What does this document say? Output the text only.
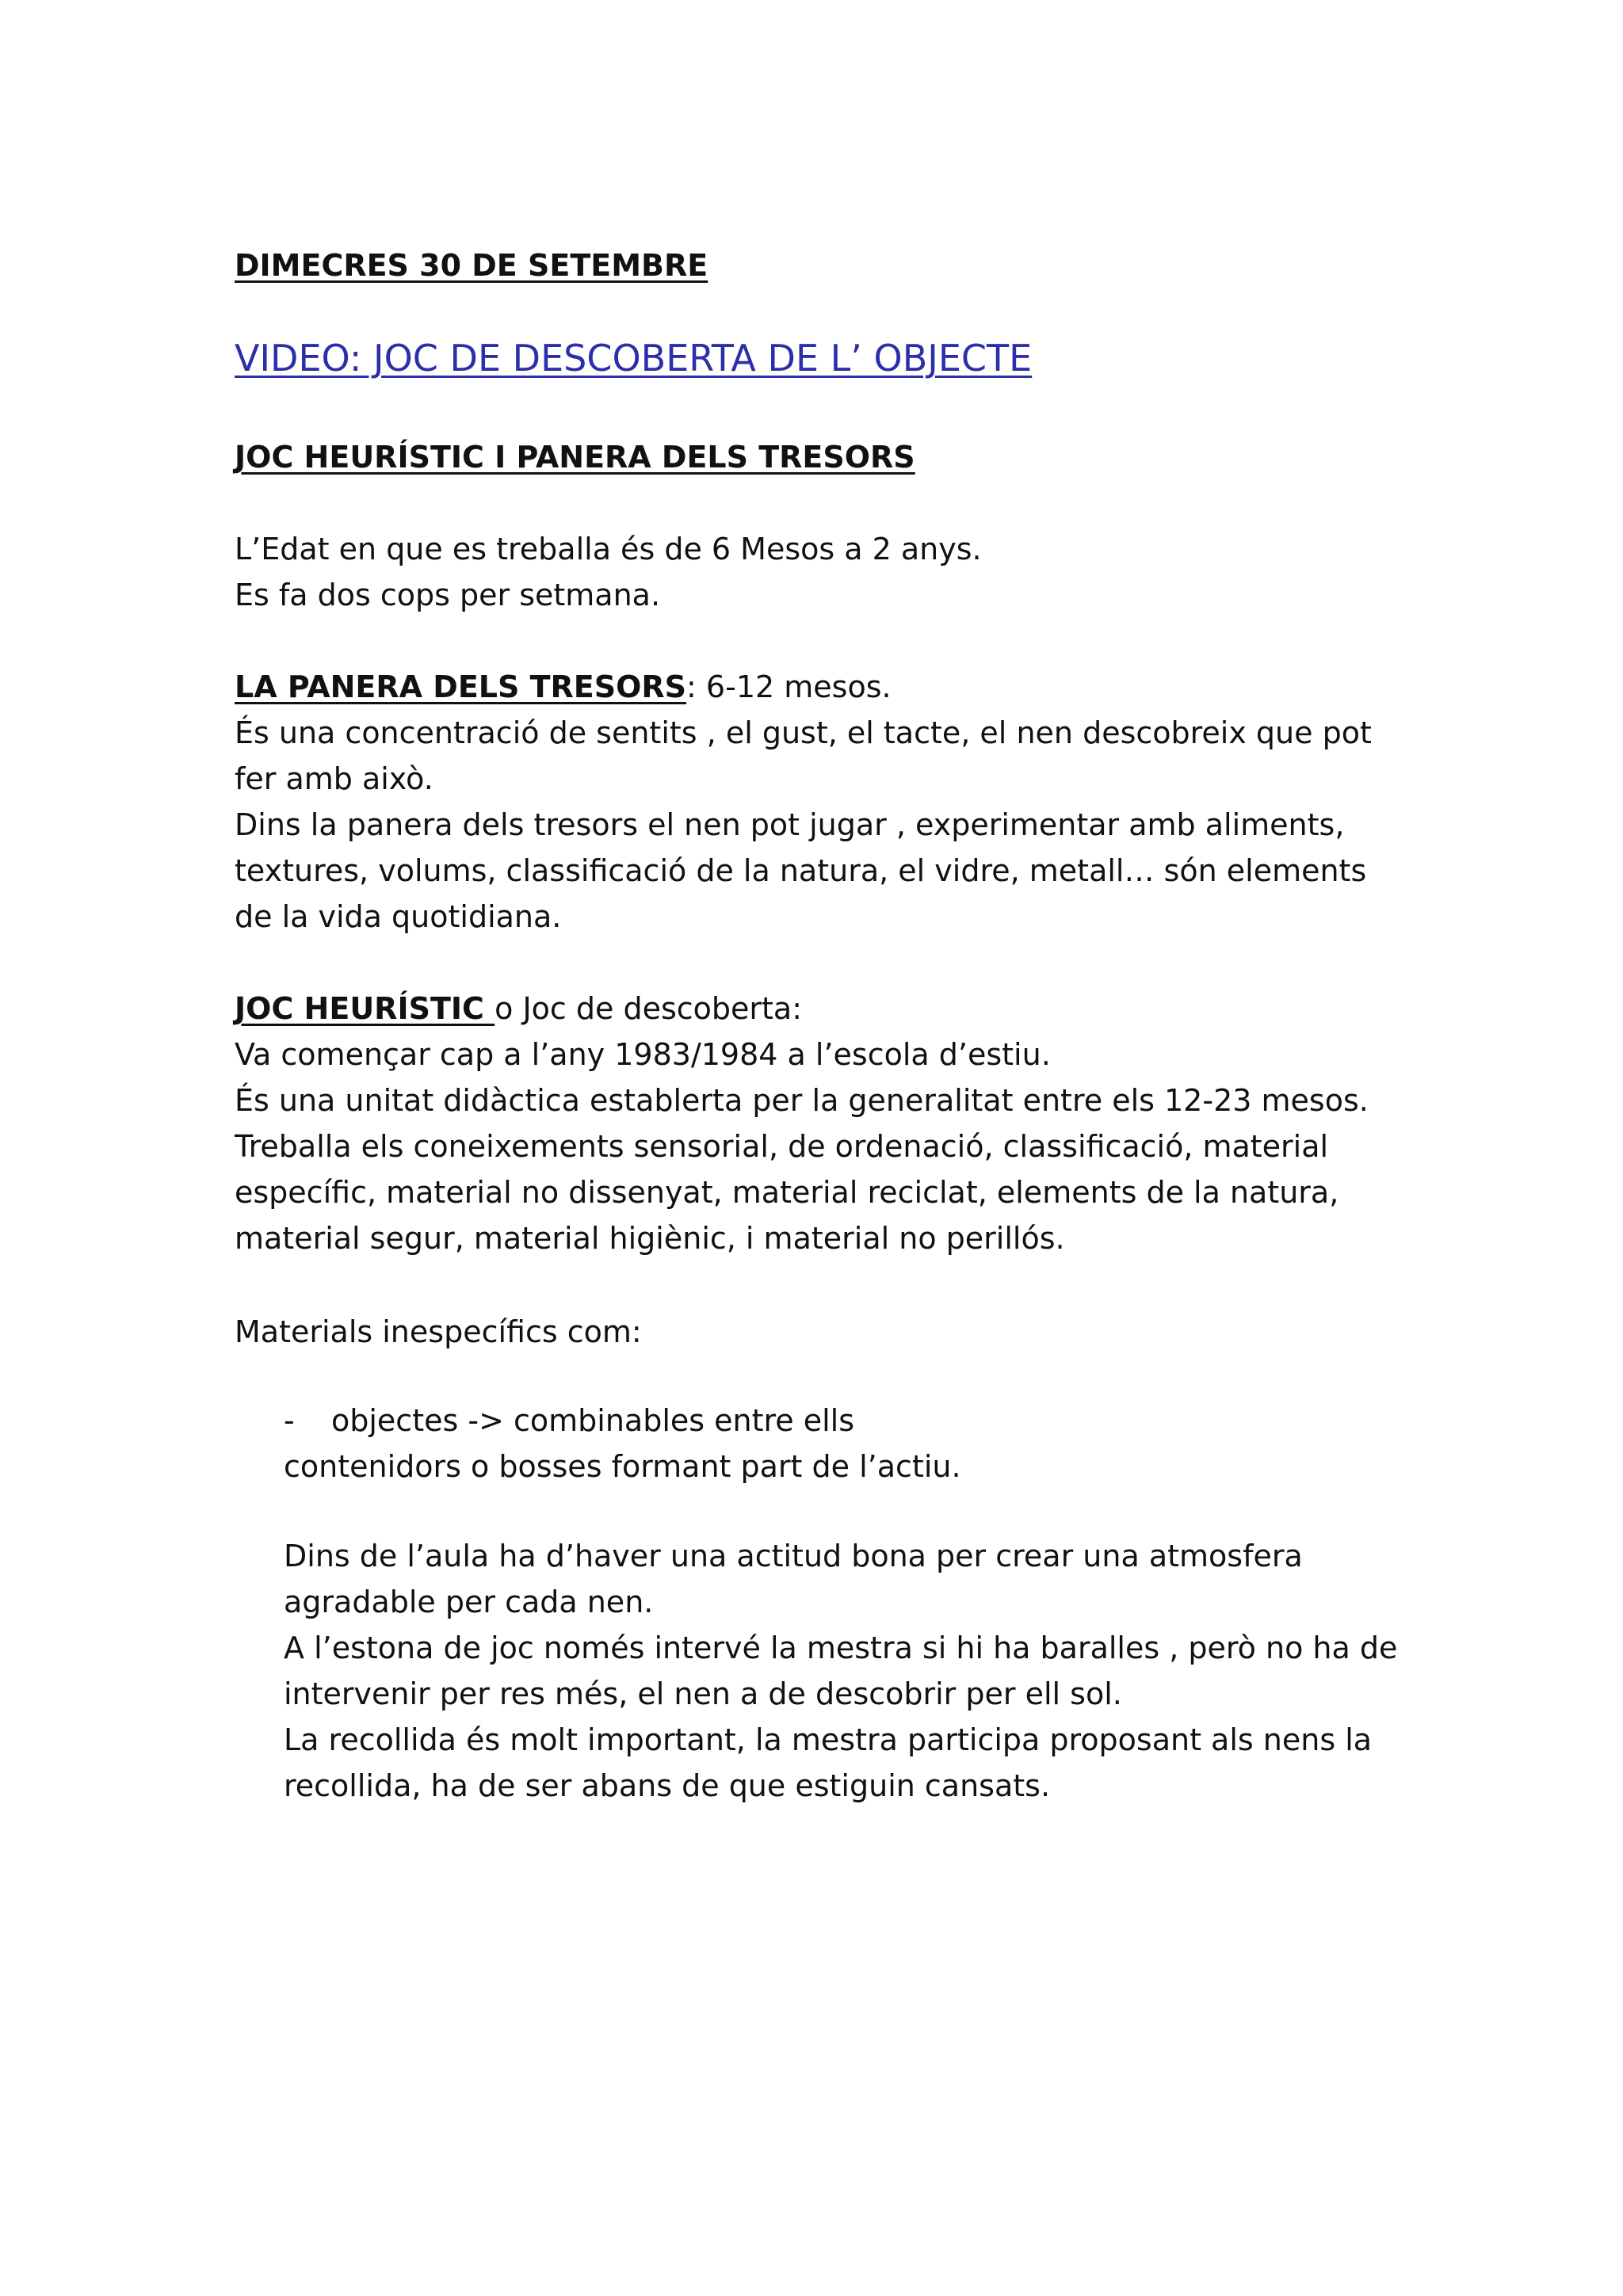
DIMECRES 30 DE SETEMBRE
VIDEO: JOC DE DESCOBERTA DE L’ OBJECTE
JOC HEURÍSTIC I PANERA DELS TRESORS
L’Edat en que es treballa és de 6 Mesos a 2 anys.
Es fa dos cops per setmana.
LA PANERA DELS TRESORS: 6-12 mesos.
És una concentració de sentits , el gust, el tacte, el nen descobreix que pot
fer amb això.
Dins la panera dels tresors el nen pot jugar , experimentar amb aliments,
textures, volums, classificació de la natura, el vidre, metall… són elements
de la vida quotidiana.
JOC HEURÍSTIC o Joc de descoberta:
Va començar cap a l’any 1983/1984 a l’escola d’estiu.
És una unitat didàctica establerta per la generalitat entre els 12-23 mesos.
Treballa els coneixements sensorial, de ordenació, classificació, material
específic, material no dissenyat, material reciclat, elements de la natura,
material segur, material higiènic, i material no perillós.
Materials inespecífics com:
- objectes -> combinables entre ells
contenidors o bosses formant part de l’actiu.
Dins de l’aula ha d’haver una actitud bona per crear una atmosfera
agradable per cada nen.
A l’estona de joc només intervé la mestra si hi ha baralles , però no ha de
intervenir per res més, el nen a de descobrir per ell sol.
La recollida és molt important, la mestra participa proposant als nens la
recollida, ha de ser abans de que estiguin cansats.
